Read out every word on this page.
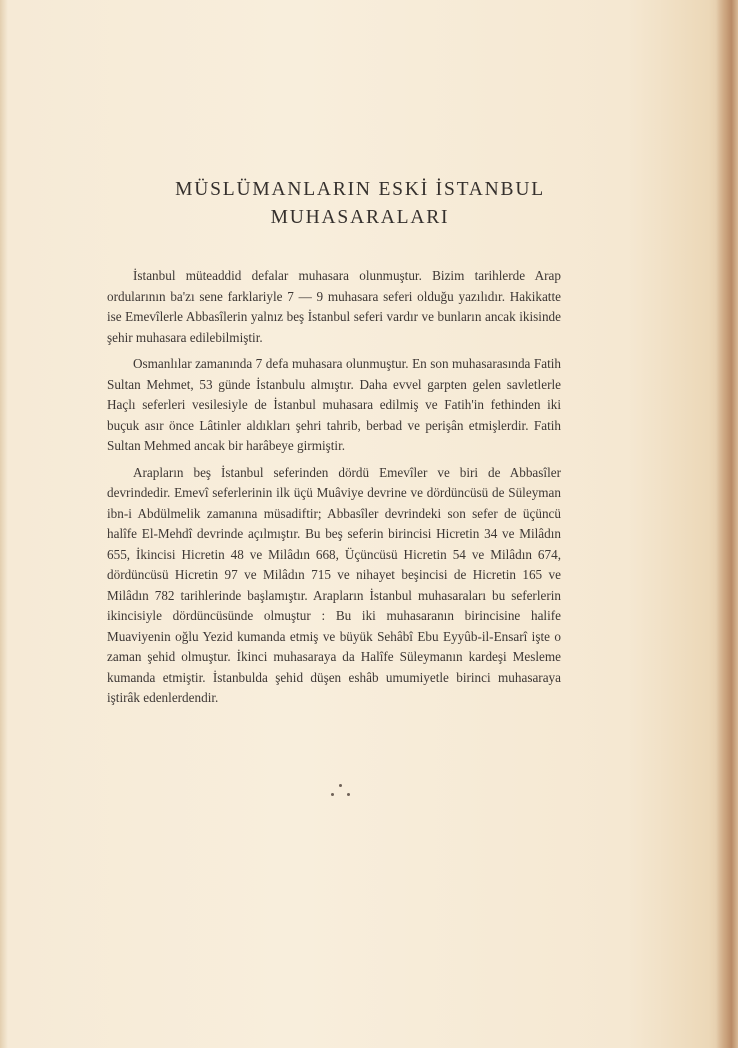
MÜSLÜMANLARIN ESKİ İSTANBUL
MUHASARALARI

İstanbul müteaddid defalar muhasara olunmuştur. Bizim tarihlerde Arap ordularının ba'zı sene farklariyle 7 — 9 muhasara seferi olduğu yazılıdır. Hakikatte ise Emevîlerle Abbasîlerin yalnız beş İstanbul seferi vardır ve bunların ancak ikisinde şehir muhasara edilebilmiştir.

Osmanlılar zamanında 7 defa muhasara olunmuştur. En son muhasarasında Fatih Sultan Mehmet, 53 günde İstanbulu almıştır. Daha evvel garpten gelen savletlerle Haçlı seferleri vesilesiyle de İstanbul muhasara edilmiş ve Fatih'in fethinden iki buçuk asır önce Lâtinler aldıkları şehri tahrib, berbad ve perişân etmişlerdir. Fatih Sultan Mehmed ancak bir harâbeye girmiştir.

Arapların beş İstanbul seferinden dördü Emevîler ve biri de Abbasîler devrindedir. Emevî seferlerinin ilk üçü Muâviye devrine ve dördüncüsü de Süleyman ibn-i Abdülmelik zamanına müsadiftir; Abbasîler devrindeki son sefer de üçüncü halîfe El-Mehdî devrinde açılmıştır. Bu beş seferin birincisi Hicretin 34 ve Milâdın 655, İkincisi Hicretin 48 ve Milâdın 668, Üçüncüsü Hicretin 54 ve Milâdın 674, dördüncüsü Hicretin 97 ve Milâdın 715 ve nihayet beşincisi de Hicretin 165 ve Milâdın 782 tarihlerinde başlamıştır. Arapların İstanbul muhasaraları bu seferlerin ikincisiyle dördüncüsünde olmuştur : Bu iki muhasaranın birincisine halife Muaviyenin oğlu Yezid kumanda etmiş ve büyük Sehâbî Ebu Eyyûb-il-Ensarî işte o zaman şehid olmuştur. İkinci muhasaraya da Halîfe Süleymanın kardeşi Mesleme kumanda etmiştir. İstanbulda şehid düşen eshâb umumiyetle birinci muhasaraya iştirâk edenlerdendir.
